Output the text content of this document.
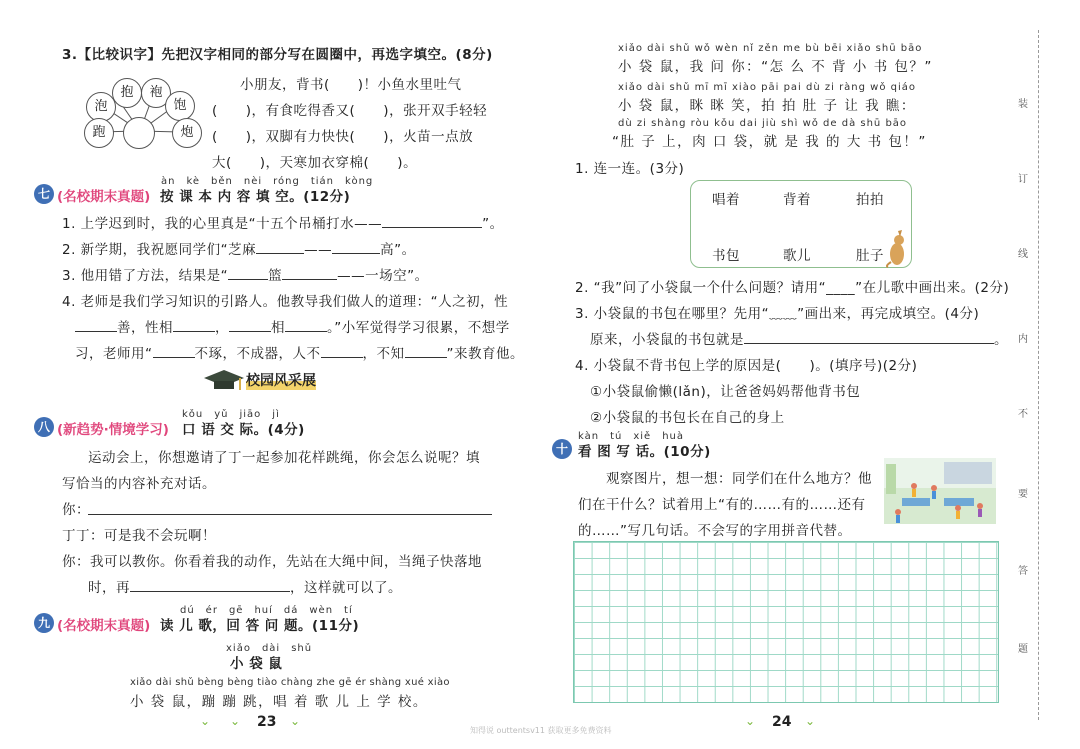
3.【比较识字】先把汉字相同的部分写在圆圈中，再选字填空。(8分)
抱	袍
泡	饱
跑	炮
小朋友，背书(　　)！小鱼水里吐气
(　　)，有食吃得香又(　　)，张开双手轻轻
(　　)，双脚有力快快(　　)，火苗一点放
大(　　)，天寒加衣穿棉(　　)。
àn　kè　běn　nèi　róng　tián　kòng
七 (名校期末真题) 按 课 本 内 容 填 空。(12分)
1. 上学迟到时，我的心里真是“十五个吊桶打水——	”。
2. 新学期，我祝愿同学们“芝麻	——	高”。
3. 他用错了方法，结果是“	篮	——一场空”。
4. 老师是我们学习知识的引路人。他教导我们做人的道理：“人之初，性
善，性相	，	相	。”小军觉得学习很累，不想学
习，老师用“	不琢，不成器，人不	，不知	”来教育他。
校园风采展
kǒu　yǔ　jiāo　jì
八 (新趋势·情境学习) 口 语 交 际。(4分)
运动会上，你想邀请了丁一起参加花样跳绳，你会怎么说呢？填
写恰当的内容补充对话。
你：
丁丁：可是我不会玩啊！
你：我可以教你。你看着我的动作，先站在大绳中间，当绳子快落地
时，再	，这样就可以了。
dú　ér　gē　huí　dá　wèn　tí
九 (名校期末真题) 读 儿 歌，回 答 问 题。(11分)
xiǎo　dài　shǔ
小 袋 鼠
xiǎo dài shǔ bèng bèng tiào chàng zhe gē ér shàng xué xiào
小 袋 鼠，蹦 蹦 跳，唱 着 歌 儿 上 学 校。
⌄ ⌄ 23 ⌄
xiǎo dài shǔ wǒ wèn nǐ zěn me bù bēi xiǎo shū bāo
小 袋 鼠，我 问 你：“怎 么 不 背 小 书 包？”
xiǎo dài shǔ mī mī xiào pāi pai dù zi ràng wǒ qiáo
小 袋 鼠，眯 眯 笑，拍 拍 肚 子 让 我 瞧：
dù zi shàng ròu kǒu dai jiù shì wǒ de dà shū bāo
“肚 子 上，肉 口 袋，就 是 我 的 大 书 包！”
1. 连一连。(3分)
唱着	背着	拍拍
书包	歌儿	肚子
2. “我”问了小袋鼠一个什么问题？请用“____”在儿歌中画出来。(2分)
3. 小袋鼠的书包在哪里？先用“﹏﹏”画出来，再完成填空。(4分)
原来，小袋鼠的书包就是	。
4. 小袋鼠不背书包上学的原因是(　　)。(填序号)(2分)
①小袋鼠偷懒(lǎn)，让爸爸妈妈帮他背书包
②小袋鼠的书包长在自己的身上
kàn　tú　xiě　huà
十 看 图 写 话。(10分)
观察图片，想一想：同学们在什么地方？他
们在干什么？试着用上“有的……有的……还有
的……”写几句话。不会写的字用拼音代替。
⌄ 24 ⌄
装
订
线
内
不
要
答
题
知得说 outtentsv11 获取更多免费资料
